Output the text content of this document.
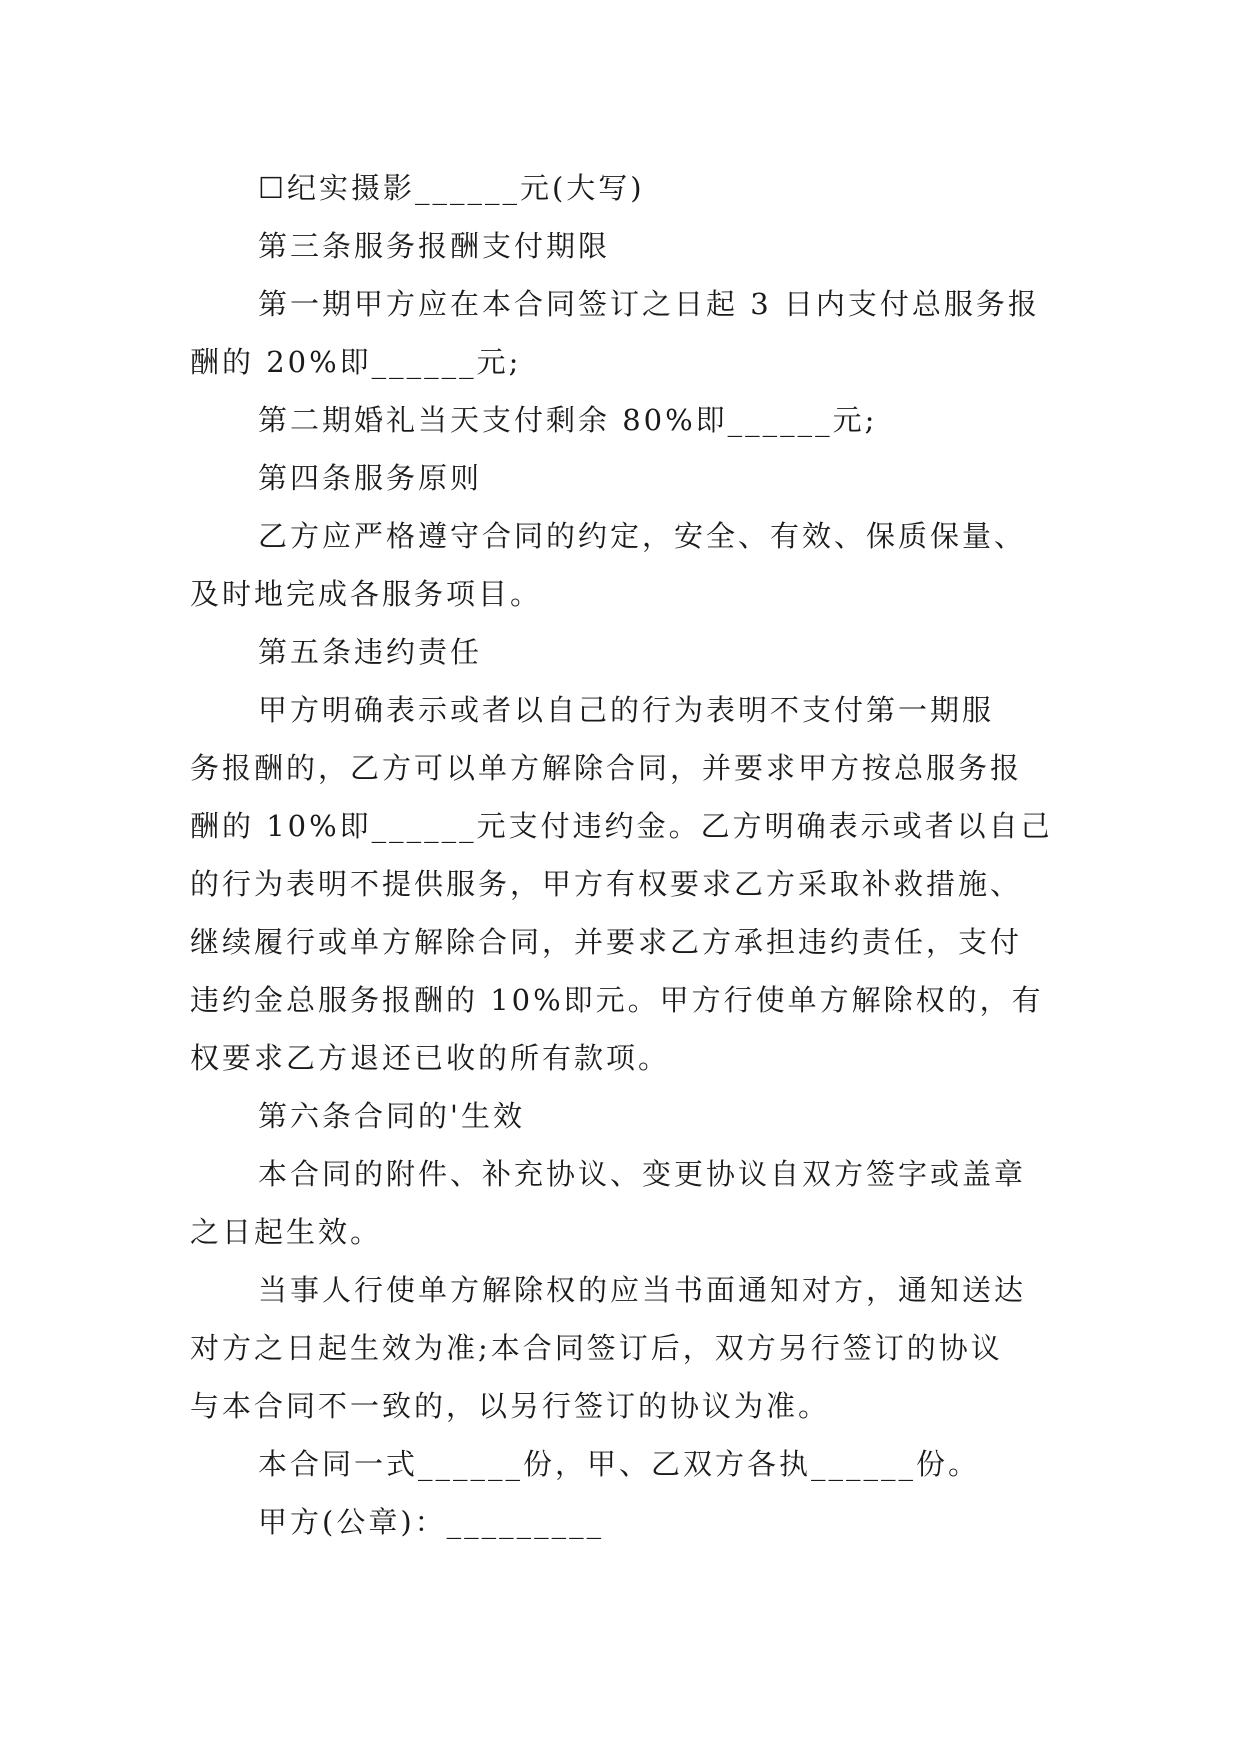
☐纪实摄影______元(大写)
第三条服务报酬支付期限
第一期甲方应在本合同签订之日起 3 日内支付总服务报
酬的 20%即______元;
第二期婚礼当天支付剩余 80%即______元;
第四条服务原则
乙方应严格遵守合同的约定，安全、有效、保质保量、
及时地完成各服务项目。
第五条违约责任
甲方明确表示或者以自己的行为表明不支付第一期服
务报酬的，乙方可以单方解除合同，并要求甲方按总服务报
酬的 10%即______元支付违约金。乙方明确表示或者以自己
的行为表明不提供服务，甲方有权要求乙方采取补救措施、
继续履行或单方解除合同，并要求乙方承担违约责任，支付
违约金总服务报酬的 10%即元。甲方行使单方解除权的，有
权要求乙方退还已收的所有款项。
第六条合同的'生效
本合同的附件、补充协议、变更协议自双方签字或盖章
之日起生效。
当事人行使单方解除权的应当书面通知对方，通知送达
对方之日起生效为准;本合同签订后，双方另行签订的协议
与本合同不一致的，以另行签订的协议为准。
本合同一式______份，甲、乙双方各执______份。
甲方(公章)：_________
